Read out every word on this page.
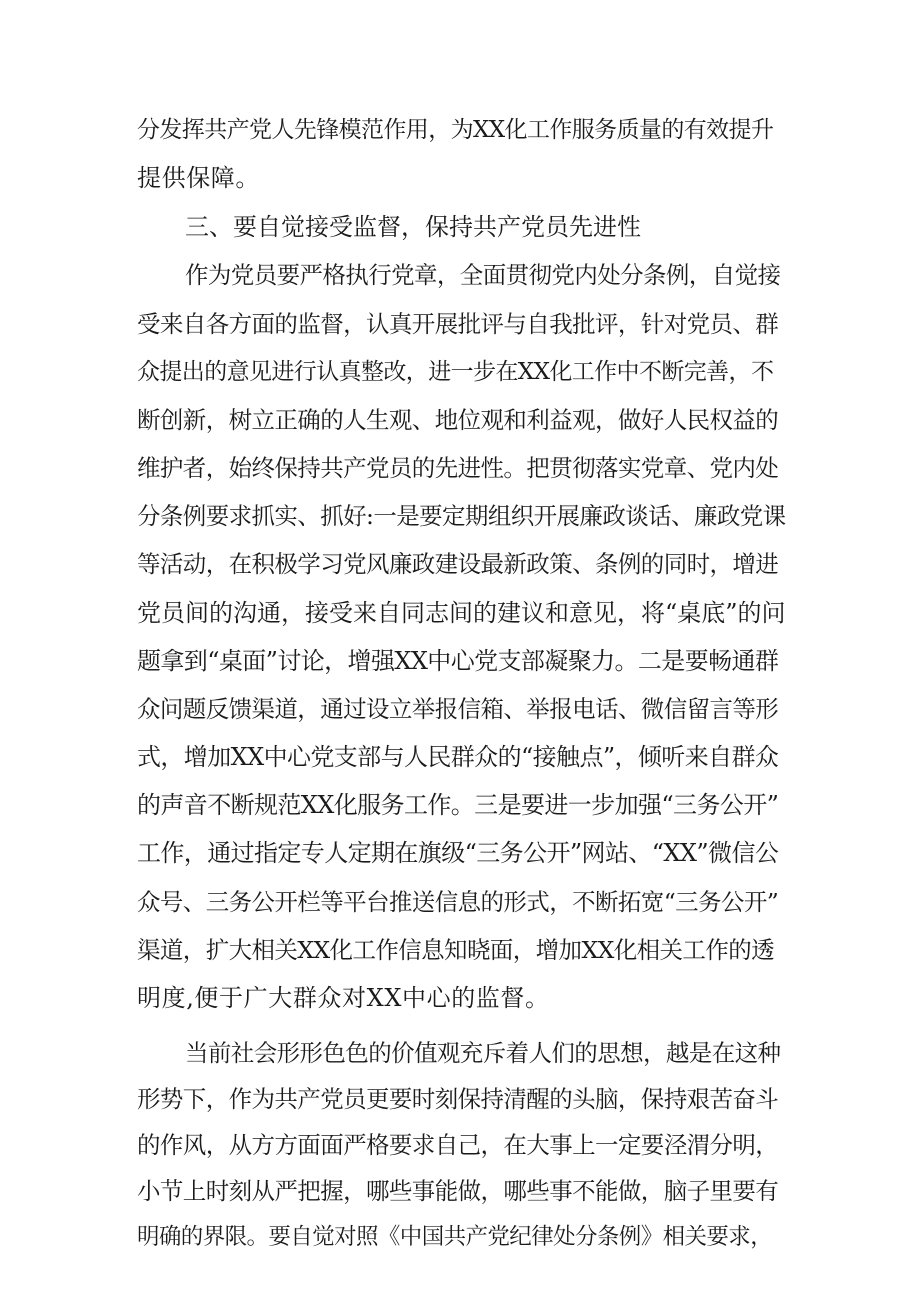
分发挥共产党人先锋模范作用，为XX化工作服务质量的有效提升
提供保障。
三、要自觉接受监督，保持共产党员先进性
作为党员要严格执行党章，全面贯彻党内处分条例，自觉接
受来自各方面的监督，认真开展批评与自我批评，针对党员、群
众提出的意见进行认真整改，进一步在XX化工作中不断完善，不
断创新，树立正确的人生观、地位观和利益观，做好人民权益的
维护者，始终保持共产党员的先进性。把贯彻落实党章、党内处
分条例要求抓实、抓好:一是要定期组织开展廉政谈话、廉政党课
等活动，在积极学习党风廉政建设最新政策、条例的同时，增进
党员间的沟通，接受来自同志间的建议和意见，将“桌底”的问
题拿到“桌面”讨论，增强XX中心党支部凝聚力。二是要畅通群
众问题反馈渠道，通过设立举报信箱、举报电话、微信留言等形
式，增加XX中心党支部与人民群众的“接触点”，倾听来自群众
的声音不断规范XX化服务工作。三是要进一步加强“三务公开”
工作，通过指定专人定期在旗级“三务公开”网站、“XX”微信公
众号、三务公开栏等平台推送信息的形式，不断拓宽“三务公开”
渠道，扩大相关XX化工作信息知晓面，增加XX化相关工作的透
明度,便于广大群众对XX中心的监督。
当前社会形形色色的价值观充斥着人们的思想，越是在这种
形势下，作为共产党员更要时刻保持清醒的头脑，保持艰苦奋斗
的作风，从方方面面严格要求自己，在大事上一定要泾渭分明，
小节上时刻从严把握，哪些事能做，哪些事不能做，脑子里要有
明确的界限。要自觉对照《中国共产党纪律处分条例》相关要求，
